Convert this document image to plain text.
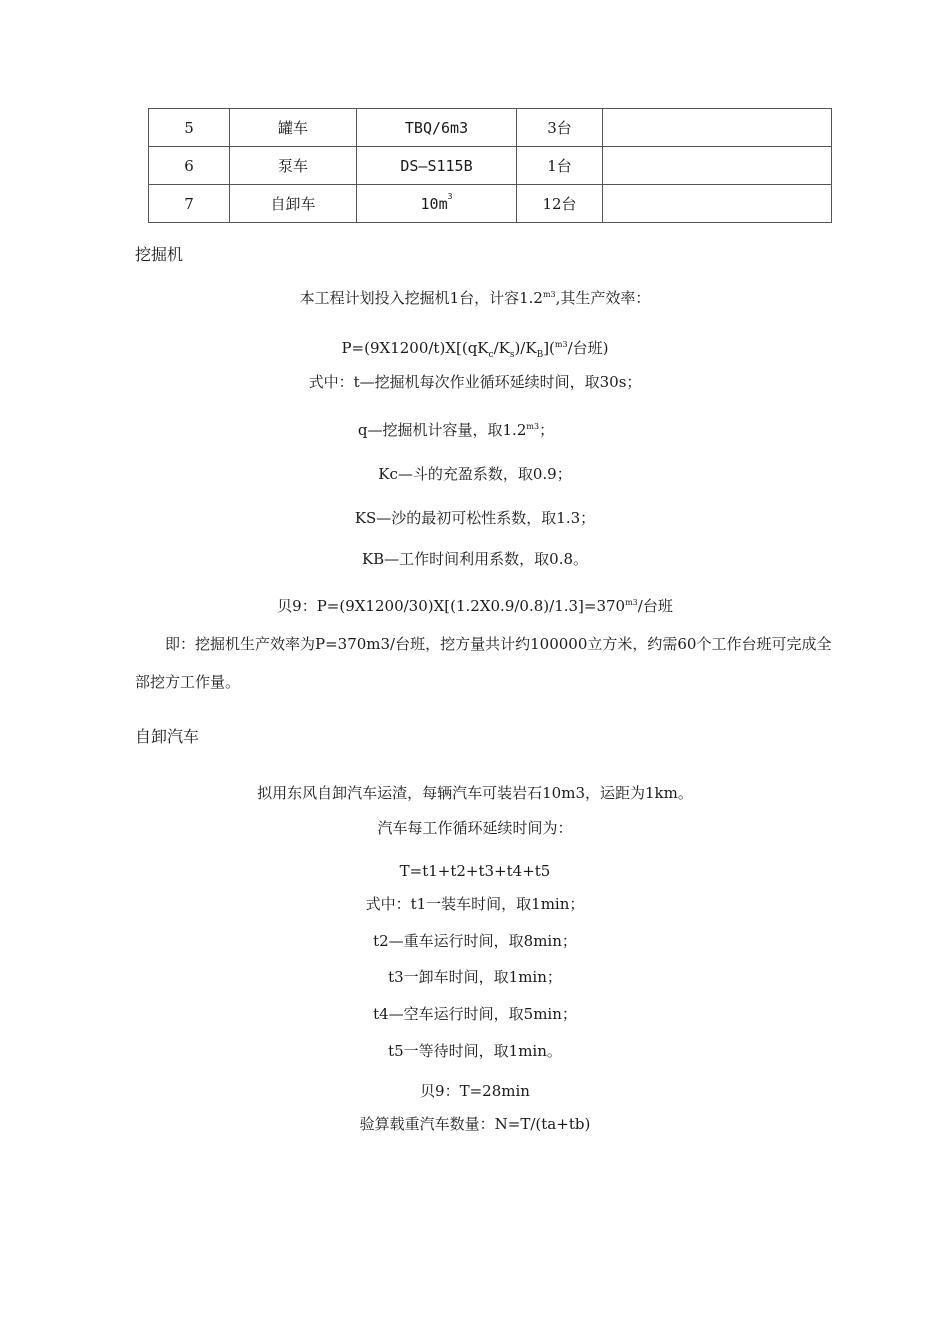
5	罐车	TBQ/6m3	3台	
6	泵车	DS—S115B	1台	
7	自卸车	$10m^3$	12台	
挖掘机
本工程计划投入挖掘机1台，计容$1.2^{m3}$,其生产效率：
$P=(9X1200/t)X[(qK_c/K_s)/K_B](^{m3}/$台班)
式中：t—挖掘机每次作业循环延续时间，取30s；
q—挖掘机计容量，取$1.2^{m3}$；
Kc—斗的充盈系数，取0.9；
KS—沙的最初可松性系数，取1.3；
KB—工作时间利用系数，取0.8。
贝9：$P=(9X1200/30)X[(1.2X0.9/0.8)/1.3]=370^{m3}/$台班
即：挖掘机生产效率为P=370m3/台班，挖方量共计约100000立方米，约需60个工作台班可完成全部挖方工作量。
自卸汽车
拟用东风自卸汽车运渣，每辆汽车可装岩石10m3，运距为1km。
汽车每工作循环延续时间为：
T=t1+t2+t3+t4+t5
式中：t1一装车时间，取1min；
t2—重车运行时间，取8min；
t3一卸车时间，取1min；
t4—空车运行时间，取5min；
t5一等待时间，取1min。
贝9：T=28min
验算载重汽车数量：N=T/(ta+tb)
